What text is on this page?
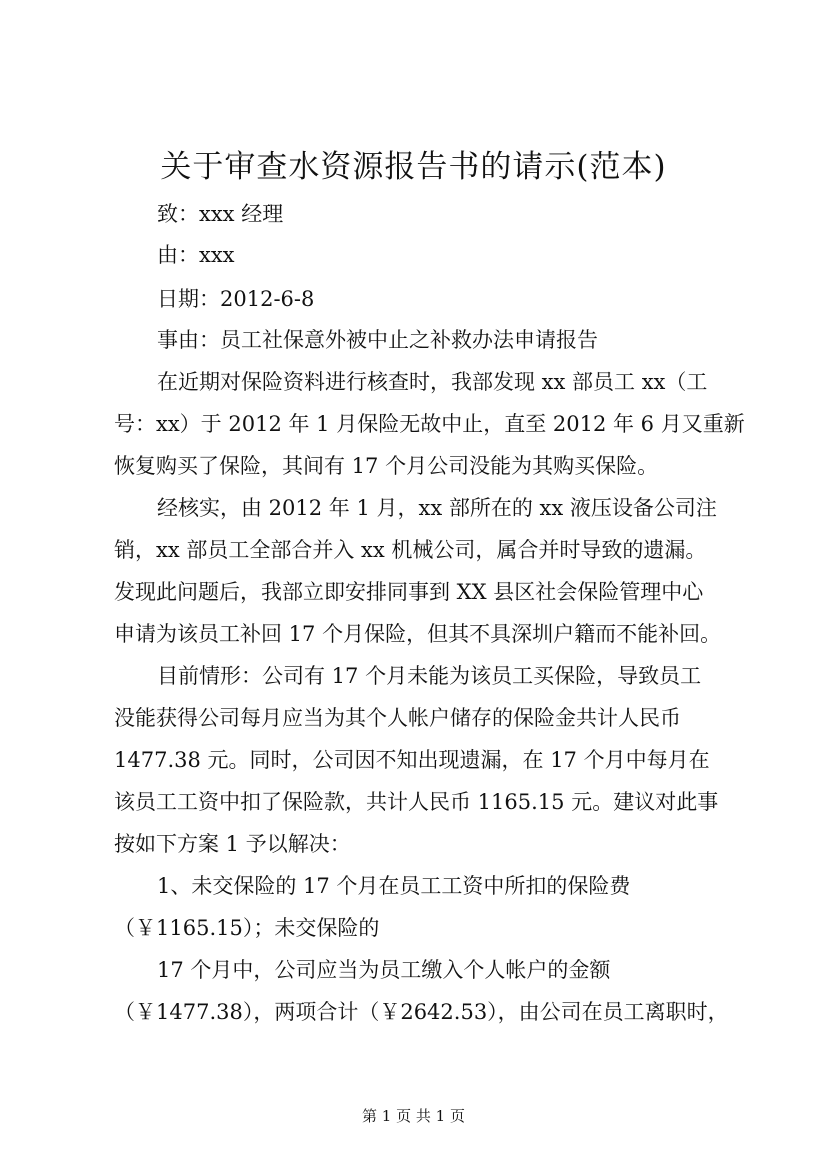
关于审查水资源报告书的请示(范本)
致：xxx 经理
由：xxx
日期：2012-6-8
事由：员工社保意外被中止之补救办法申请报告
在近期对保险资料进行核查时，我部发现 xx 部员工 xx（工
号：xx）于 2012 年 1 月保险无故中止，直至 2012 年 6 月又重新
恢复购买了保险，其间有 17 个月公司没能为其购买保险。
经核实，由 2012 年 1 月，xx 部所在的 xx 液压设备公司注
销，xx 部员工全部合并入 xx 机械公司，属合并时导致的遗漏。
发现此问题后，我部立即安排同事到 XX 县区社会保险管理中心
申请为该员工补回 17 个月保险，但其不具深圳户籍而不能补回。
目前情形：公司有 17 个月未能为该员工买保险，导致员工
没能获得公司每月应当为其个人帐户储存的保险金共计人民币
1477.38 元。同时，公司因不知出现遗漏，在 17 个月中每月在
该员工工资中扣了保险款，共计人民币 1165.15 元。建议对此事
按如下方案 1 予以解决：
1、未交保险的 17 个月在员工工资中所扣的保险费
（￥1165.15）；未交保险的
17 个月中，公司应当为员工缴入个人帐户的金额
（￥1477.38），两项合计（￥2642.53），由公司在员工离职时，
第 1 页 共 1 页
